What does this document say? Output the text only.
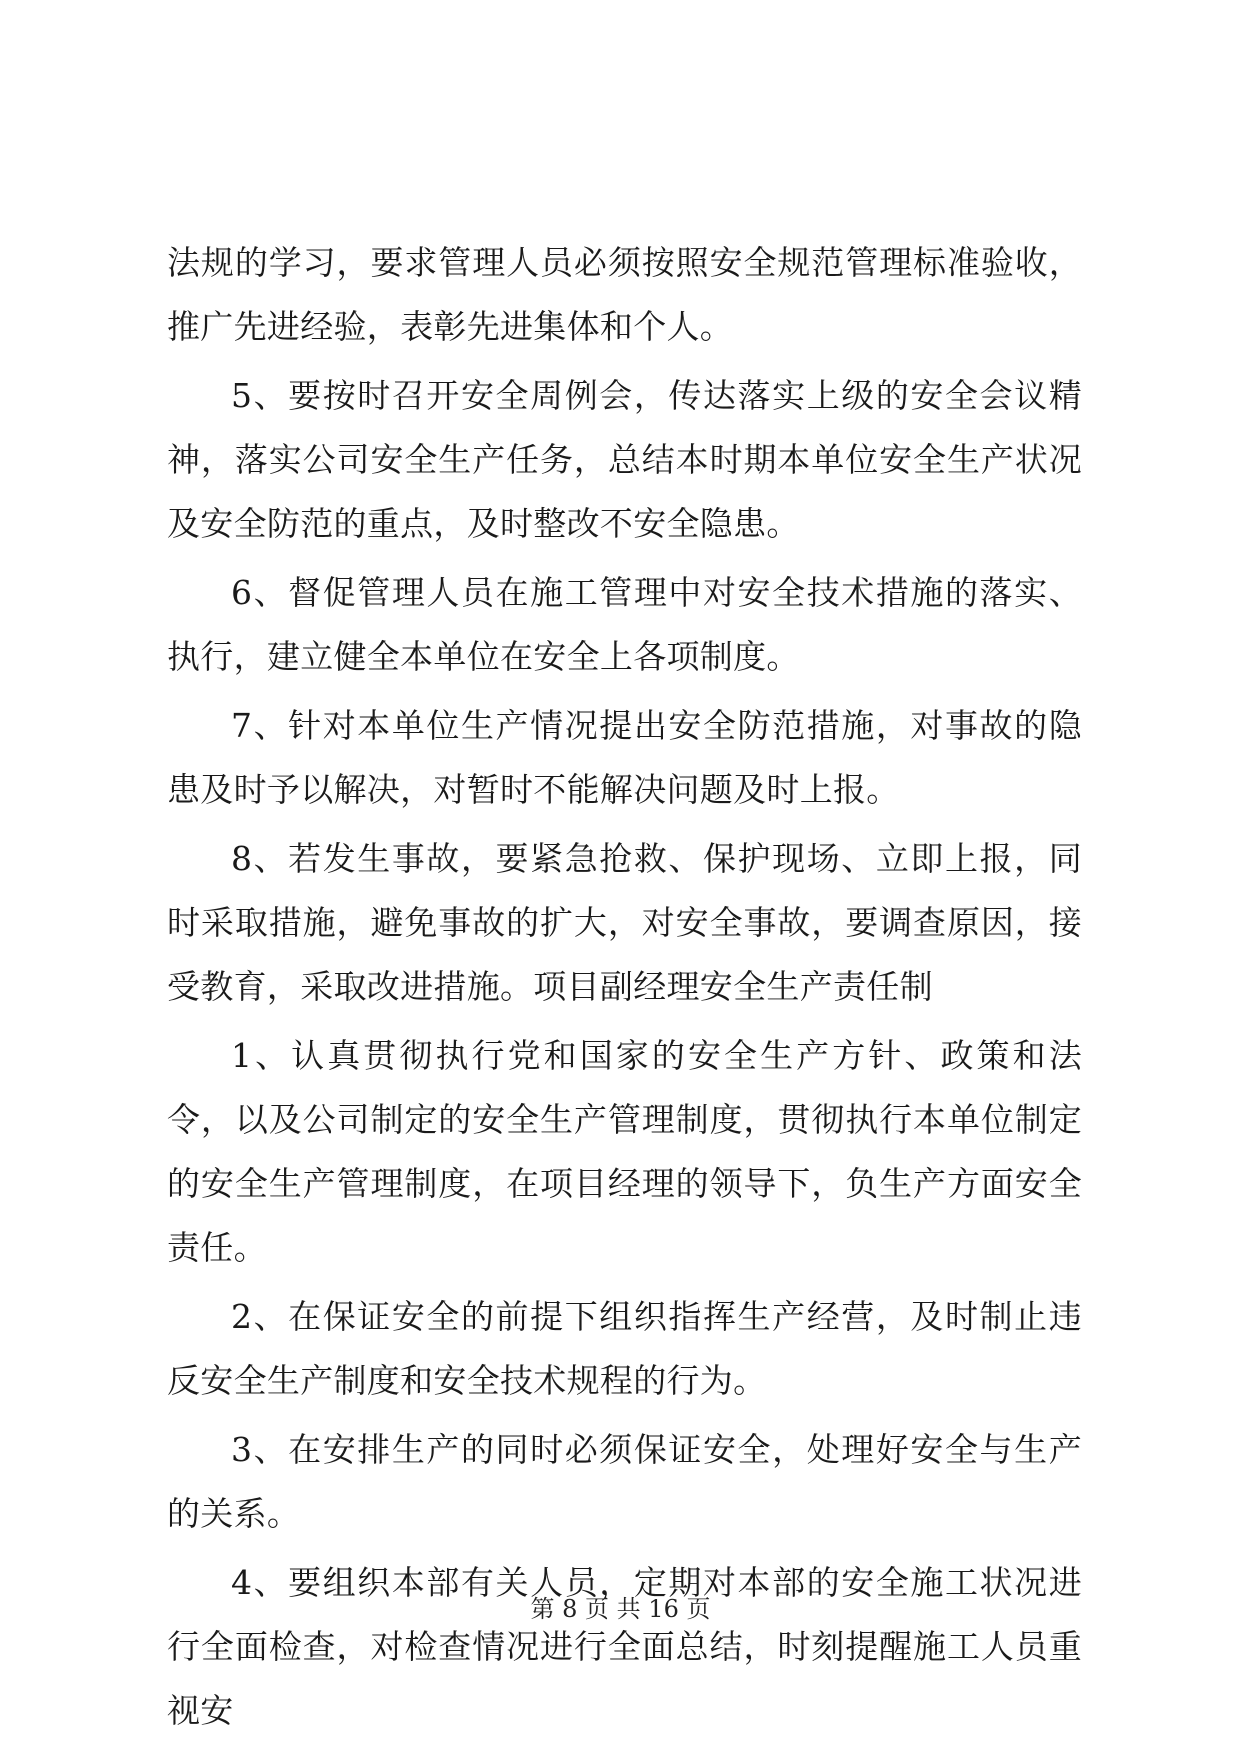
法规的学习，要求管理人员必须按照安全规范管理标准验收，推广先进经验，表彰先进集体和个人。

5、要按时召开安全周例会，传达落实上级的安全会议精神，落实公司安全生产任务，总结本时期本单位安全生产状况及安全防范的重点，及时整改不安全隐患。

6、督促管理人员在施工管理中对安全技术措施的落实、执行，建立健全本单位在安全上各项制度。

7、针对本单位生产情况提出安全防范措施，对事故的隐患及时予以解决，对暂时不能解决问题及时上报。

8、若发生事故，要紧急抢救、保护现场、立即上报，同时采取措施，避免事故的扩大，对安全事故，要调查原因，接受教育，采取改进措施。项目副经理安全生产责任制

1、认真贯彻执行党和国家的安全生产方针、政策和法令，以及公司制定的安全生产管理制度，贯彻执行本单位制定的安全生产管理制度，在项目经理的领导下，负生产方面安全责任。

2、在保证安全的前提下组织指挥生产经营，及时制止违反安全生产制度和安全技术规程的行为。

3、在安排生产的同时必须保证安全，处理好安全与生产的关系。

4、要组织本部有关人员，定期对本部的安全施工状况进行全面检查，对检查情况进行全面总结，时刻提醒施工人员重视安

第 8 页 共 16 页
